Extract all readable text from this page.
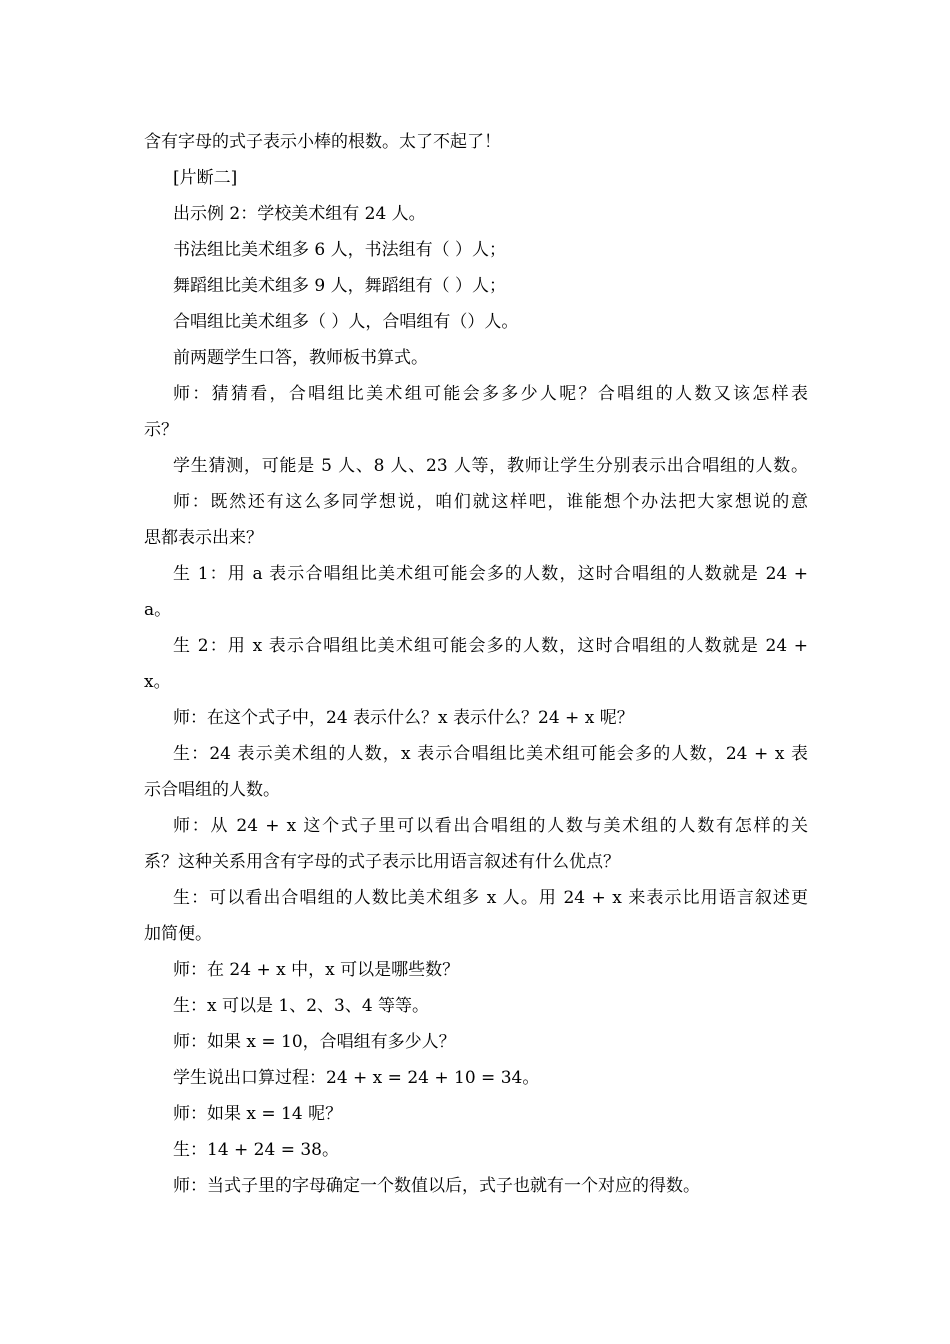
含有字母的式子表示小棒的根数。太了不起了！
[片断二]
出示例 2：学校美术组有 24 人。
书法组比美术组多 6 人，书法组有（ ）人；
舞蹈组比美术组多 9 人，舞蹈组有（ ）人；
合唱组比美术组多（ ）人，合唱组有（）人。
前两题学生口答，教师板书算式。
师：猜猜看，合唱组比美术组可能会多多少人呢？合唱组的人数又该怎样表
示？
学生猜测，可能是 5 人、8 人、23 人等，教师让学生分别表示出合唱组的人数。
师：既然还有这么多同学想说，咱们就这样吧，谁能想个办法把大家想说的意
思都表示出来？
生 1：用 a 表示合唱组比美术组可能会多的人数，这时合唱组的人数就是 24 +
a。
生 2：用 x 表示合唱组比美术组可能会多的人数，这时合唱组的人数就是 24 +
x。
师：在这个式子中，24 表示什么？x 表示什么？24 + x 呢？
生：24 表示美术组的人数，x 表示合唱组比美术组可能会多的人数，24 + x 表
示合唱组的人数。
师：从 24 + x 这个式子里可以看出合唱组的人数与美术组的人数有怎样的关
系？这种关系用含有字母的式子表示比用语言叙述有什么优点？
生：可以看出合唱组的人数比美术组多 x 人。用 24 + x 来表示比用语言叙述更
加简便。
师：在 24 + x 中，x 可以是哪些数？
生：x 可以是 1、2、3、4 等等。
师：如果 x = 10，合唱组有多少人？
学生说出口算过程：24 + x = 24 + 10 = 34。
师：如果 x = 14 呢？
生：14 + 24 = 38。
师：当式子里的字母确定一个数值以后，式子也就有一个对应的得数。
